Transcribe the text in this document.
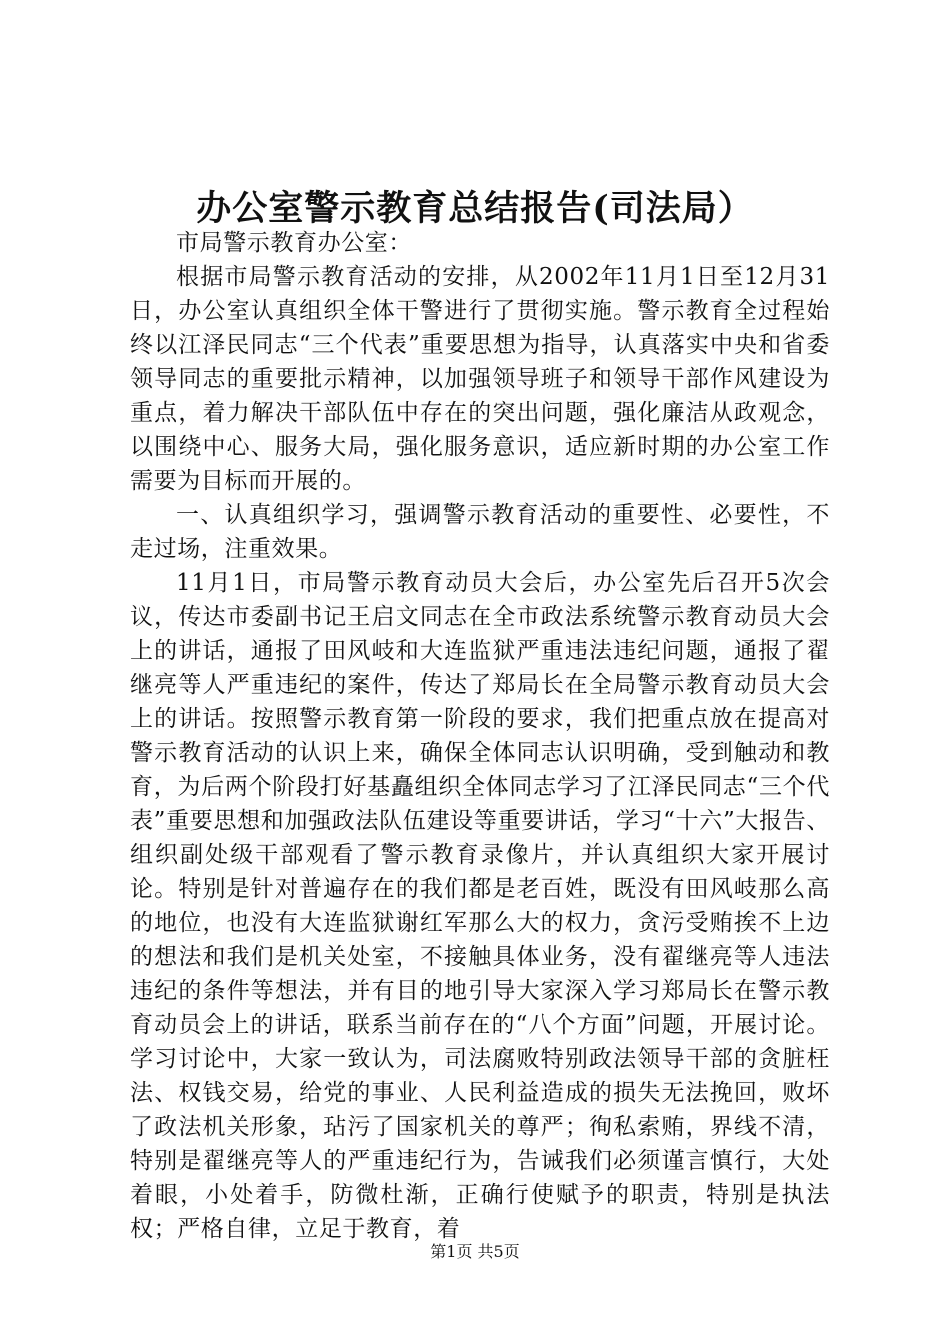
办公室警示教育总结报告(司法局）

市局警示教育办公室：

根据市局警示教育活动的安排，从2002年11月1日至12月31日，办公室认真组织全体干警进行了贯彻实施。警示教育全过程始终以江泽民同志“三个代表”重要思想为指导，认真落实中央和省委领导同志的重要批示精神，以加强领导班子和领导干部作风建设为重点，着力解决干部队伍中存在的突出问题，强化廉洁从政观念，以围绕中心、服务大局，强化服务意识，适应新时期的办公室工作需要为目标而开展的。

一、认真组织学习，强调警示教育活动的重要性、必要性，不走过场，注重效果。

11月1日，市局警示教育动员大会后，办公室先后召开5次会议，传达市委副书记王启文同志在全市政法系统警示教育动员大会上的讲话，通报了田风岐和大连监狱严重违法违纪问题，通报了翟继亮等人严重违纪的案件，传达了郑局长在全局警示教育动员大会上的讲话。按照警示教育第一阶段的要求，我们把重点放在提高对警示教育活动的认识上来，确保全体同志认识明确，受到触动和教育，为后两个阶段打好基矗组织全体同志学习了江泽民同志“三个代表”重要思想和加强政法队伍建设等重要讲话，学习“十六”大报告、组织副处级干部观看了警示教育录像片，并认真组织大家开展讨论。特别是针对普遍存在的我们都是老百姓，既没有田风岐那么高的地位，也没有大连监狱谢红军那么大的权力，贪污受贿挨不上边的想法和我们是机关处室，不接触具体业务，没有翟继亮等人违法违纪的条件等想法，并有目的地引导大家深入学习郑局长在警示教育动员会上的讲话，联系当前存在的“八个方面”问题，开展讨论。学习讨论中，大家一致认为，司法腐败特别政法领导干部的贪脏枉法、权钱交易，给党的事业、人民利益造成的损失无法挽回，败坏了政法机关形象，玷污了国家机关的尊严；徇私索贿，界线不清，特别是翟继亮等人的严重违纪行为，告诫我们必须谨言慎行，大处着眼，小处着手，防微杜渐，正确行使赋予的职责，特别是执法权；严格自律，立足于教育，着

第1页 共5页
